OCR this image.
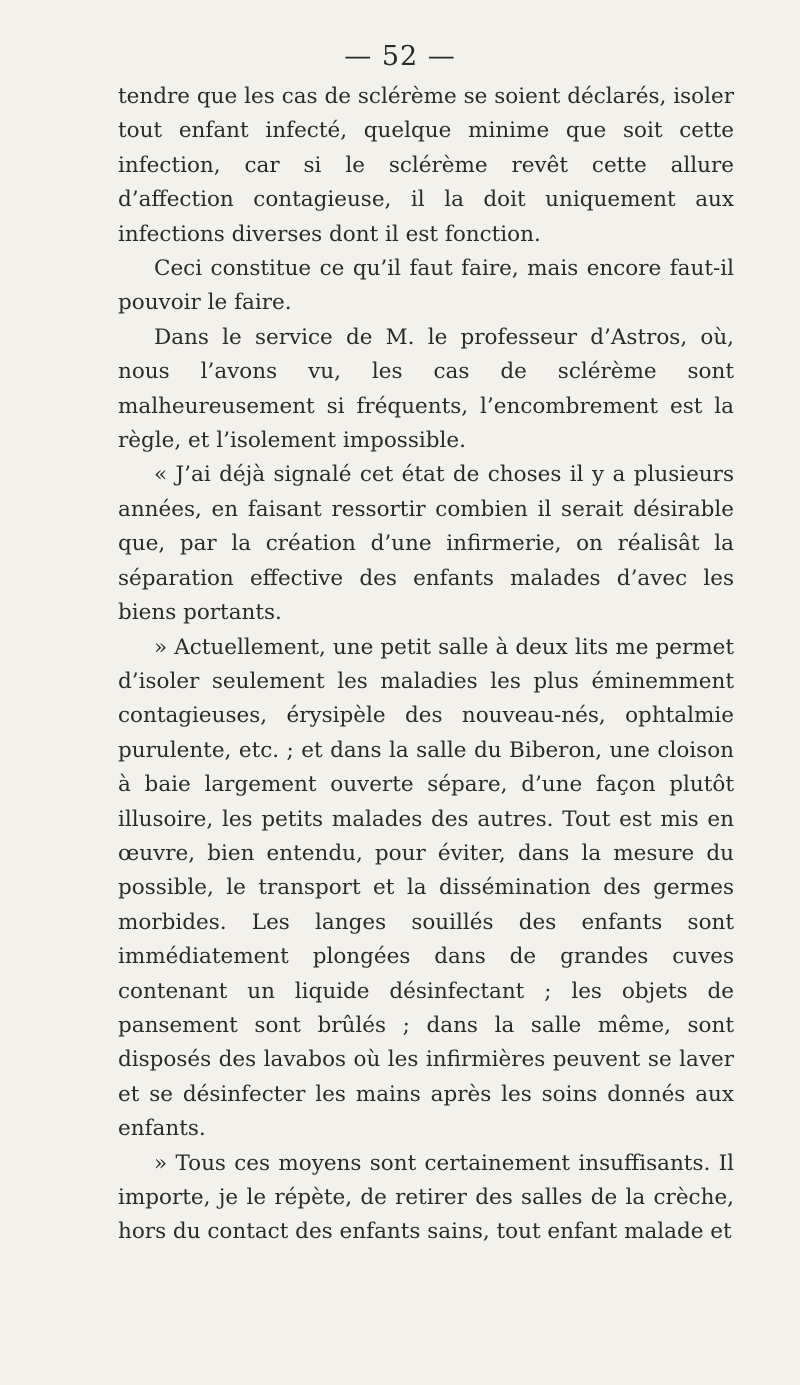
— 52 —

tendre que les cas de sclérème se soient déclarés, isoler tout enfant infecté, quelque minime que soit cette infection, car si le sclérème revêt cette allure d’affection contagieuse, il la doit uniquement aux infections diverses dont il est fonction.

Ceci constitue ce qu’il faut faire, mais encore faut-il pouvoir le faire.

Dans le service de M. le professeur d’Astros, où, nous l’avons vu, les cas de sclérème sont malheureusement si fréquents, l’encombrement est la règle, et l’isolement impossible.

« J’ai déjà signalé cet état de choses il y a plusieurs années, en faisant ressortir combien il serait désirable que, par la création d’une infirmerie, on réalisât la séparation effective des enfants malades d’avec les biens portants.

» Actuellement, une petit salle à deux lits me permet d’isoler seulement les maladies les plus éminemment contagieuses, érysipèle des nouveau-nés, ophtalmie purulente, etc. ; et dans la salle du Biberon, une cloison à baie largement ouverte sépare, d’une façon plutôt illusoire, les petits malades des autres. Tout est mis en œuvre, bien entendu, pour éviter, dans la mesure du possible, le transport et la dissémination des germes morbides. Les langes souillés des enfants sont immédiatement plongées dans de grandes cuves contenant un liquide désinfectant ; les objets de pansement sont brûlés ; dans la salle même, sont disposés des lavabos où les infirmières peuvent se laver et se désinfecter les mains après les soins donnés aux enfants.

» Tous ces moyens sont certainement insuffisants. Il importe, je le répète, de retirer des salles de la crèche, hors du contact des enfants sains, tout enfant malade et
